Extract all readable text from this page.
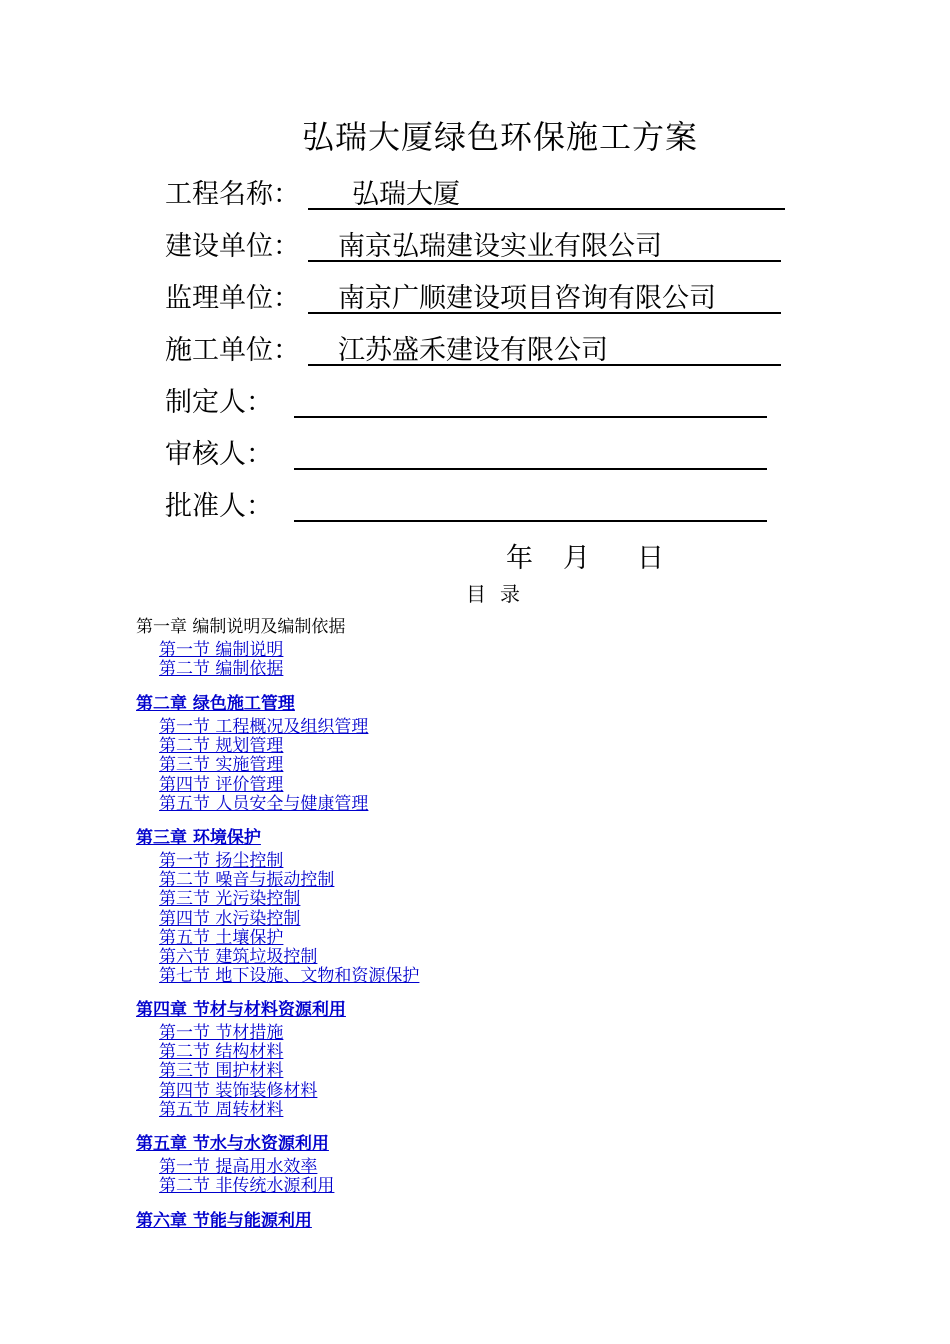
弘瑞大厦绿色环保施工方案
工程名称： 弘瑞大厦
建设单位： 南京弘瑞建设实业有限公司
监理单位： 南京广顺建设项目咨询有限公司
施工单位： 江苏盛禾建设有限公司
制定人：
审核人：
批准人：
年 月 日
目录
第一章 编制说明及编制依据
第一节 编制说明
第二节 编制依据
第二章 绿色施工管理
第一节 工程概况及组织管理
第二节 规划管理
第三节 实施管理
第四节 评价管理
第五节 人员安全与健康管理
第三章 环境保护
第一节 扬尘控制
第二节 噪音与振动控制
第三节 光污染控制
第四节 水污染控制
第五节 土壤保护
第六节 建筑垃圾控制
第七节 地下设施、文物和资源保护
第四章 节材与材料资源利用
第一节 节材措施
第二节 结构材料
第三节 围护材料
第四节 装饰装修材料
第五节 周转材料
第五章 节水与水资源利用
第一节 提高用水效率
第二节 非传统水源利用
第六章 节能与能源利用
